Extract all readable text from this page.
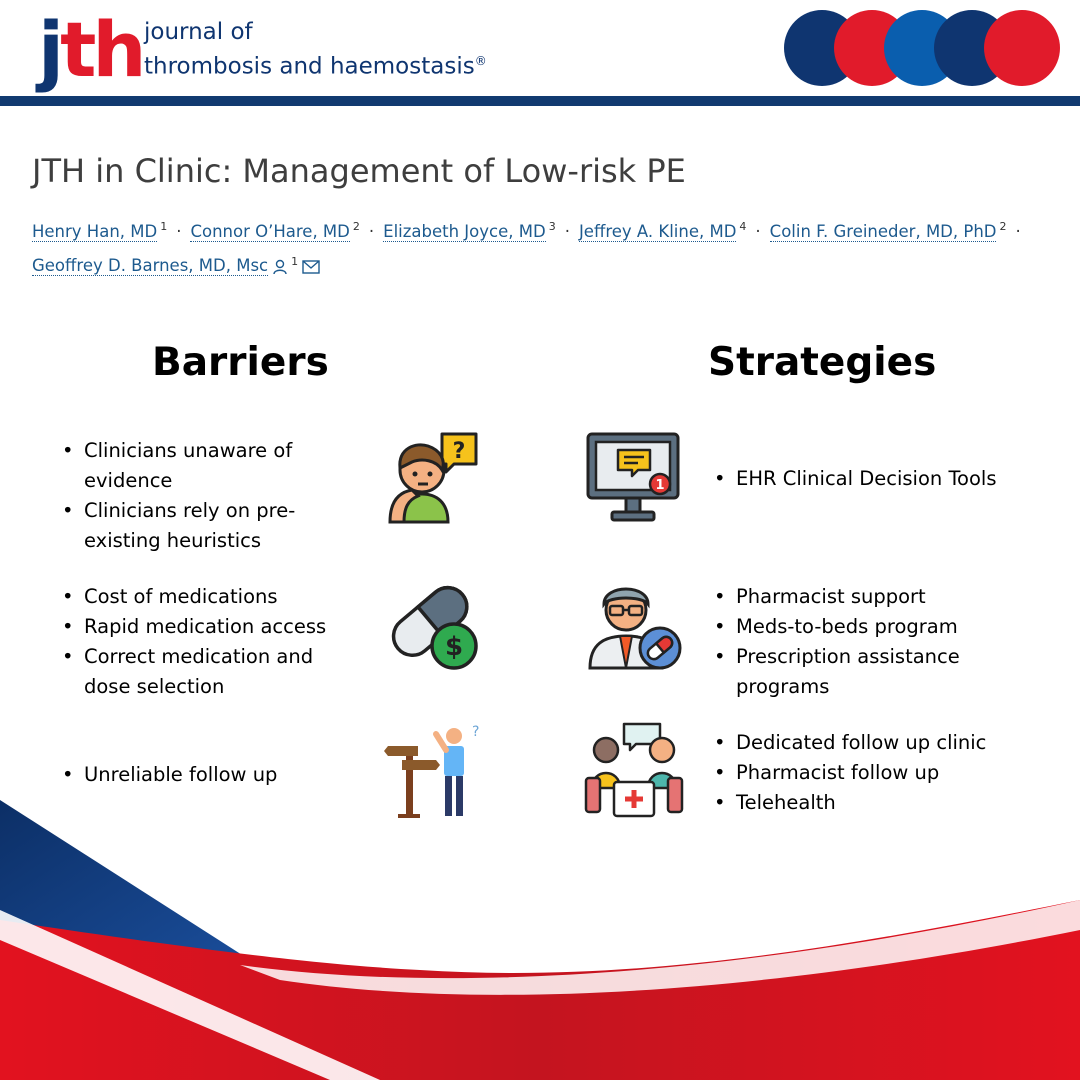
jth journal of
thrombosis and haemostasis®
JTH in Clinic: Management of Low-risk PE
Henry Han, MD $^1$ · Connor O’Hare, MD $^2$ · Elizabeth Joyce, MD $^3$ · Jeffrey A. Kline, MD $^4$ · Colin F. Greineder, MD, PhD $^2$ ·
Geoffrey D. Barnes, MD, Msc $^1$
Barriers	Strategies
• Clinicians unaware of evidence
• Clinicians rely on pre-existing heuristics
• Cost of medications
• Rapid medication access
• Correct medication and dose selection
• Unreliable follow up
• EHR Clinical Decision Tools
• Pharmacist support
• Meds-to-beds program
• Prescription assistance programs
• Dedicated follow up clinic
• Pharmacist follow up
• Telehealth
?
$
?
1
